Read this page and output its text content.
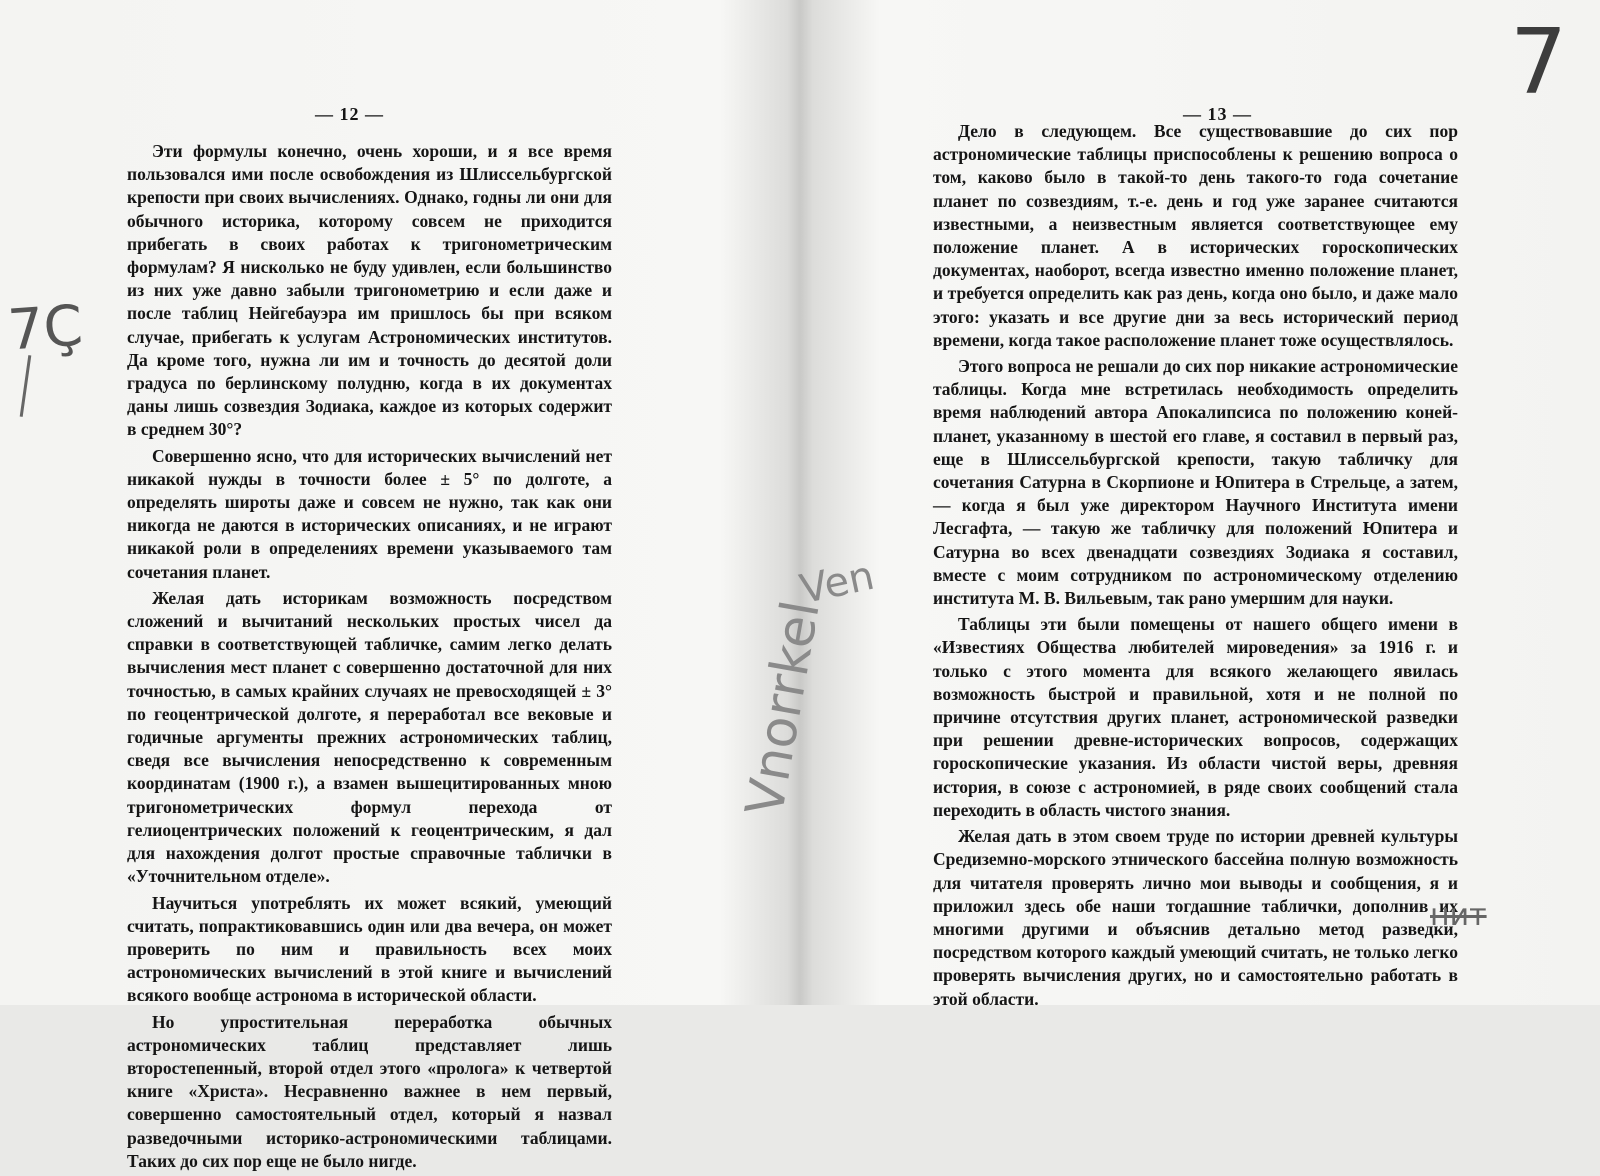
— 12 —

Эти формулы конечно, очень хороши, и я все время пользовался ими после освобождения из Шлиссельбургской крепости при своих вычислениях. Однако, годны ли они для обычного историка, которому совсем не приходится прибегать в своих работах к тригонометрическим формулам? Я нисколько не буду удивлен, если большинство из них уже давно забыли тригонометрию и если даже и после таблиц Нейгебауэра им пришлось бы при всяком случае, прибегать к услугам Астрономических институтов. Да кроме того, нужна ли им и точность до десятой доли градуса по берлинскому полудню, когда в их документах даны лишь созвездия Зодиака, каждое из которых содержит в среднем 30°?

Совершенно ясно, что для исторических вычислений нет никакой нужды в точности более ± 5° по долготе, а определять широты даже и совсем не нужно, так как они никогда не даются в исторических описаниях, и не играют никакой роли в определениях времени указываемого там сочетания планет.

Желая дать историкам возможность посредством сложений и вычитаний нескольких простых чисел да справки в соответствующей табличке, самим легко делать вычисления мест планет с совершенно достаточной для них точностью, в самых крайних случаях не превосходящей ± 3° по геоцентрической долготе, я переработал все вековые и годичные аргументы прежних астрономических таблиц, сведя все вычисления непосредственно к современным координатам (1900 г.), а взамен вышецитированных мною тригонометрических формул перехода от гелиоцентрических положений к геоцентрическим, я дал для нахождения долгот простые справочные таблички в «Уточнительном отделе».

Научиться употреблять их может всякий, умеющий считать, попрактиковавшись один или два вечера, он может проверить по ним и правильность всех моих астрономических вычислений в этой книге и вычислений всякого вообще астронома в исторической области.

Но упростительная переработка обычных астрономических таблиц представляет лишь второстепенный, второй отдел этого «пролога» к четвертой книге «Христа». Несравненно важнее в нем первый, совершенно самостоятельный отдел, который я назвал разведочными историко-астрономическими таблицами. Таких до сих пор еще не было нигде.

— 13 —

Дело в следующем. Все существовавшие до сих пор астрономические таблицы приспособлены к решению вопроса о том, каково было в такой-то день такого-то года сочетание планет по созвездиям, т.-е. день и год уже заранее считаются известными, а неизвестным является соответствующее ему положение планет. А в исторических гороскопических документах, наоборот, всегда известно именно положение планет, и требуется определить как раз день, когда оно было, и даже мало этого: указать и все другие дни за весь исторический период времени, когда такое расположение планет тоже осуществлялось.

Этого вопроса не решали до сих пор никакие астрономические таблицы. Когда мне встретилась необходимость определить время наблюдений автора Апокалипсиса по положению коней-планет, указанному в шестой его главе, я составил в первый раз, еще в Шлиссельбургской крепости, такую табличку для сочетания Сатурна в Скорпионе и Юпитера в Стрельце, а затем, — когда я был уже директором Научного Института имени Лесгафта, — такую же табличку для положений Юпитера и Сатурна во всех двенадцати созвездиях Зодиака я составил, вместе с моим сотрудником по астрономическому отделению института М. В. Вильевым, так рано умершим для науки.

Таблицы эти были помещены от нашего общего имени в «Известиях Общества любителей мироведения» за 1916 г. и только с этого момента для всякого желающего явилась возможность быстрой и правильной, хотя и не полной по причине отсутствия других планет, астрономической разведки при решении древне-исторических вопросов, содержащих гороскопические указания. Из области чистой веры, древняя история, в союзе с астрономией, в ряде своих сообщений стала переходить в область чистого знания.

Желая дать в этом своем труде по истории древней культуры Средиземно-морского этнического бассейна полную возможность для читателя проверять лично мои выводы и сообщения, я и приложил здесь обе наши тогдашние таблички, дополнив их многими другими и объяснив детально метод разведки, посредством которого каждый умеющий считать, не только легко проверять вычисления других, но и самостоятельно работать в этой области.

7Ç
7
Ven
Vnorrkel
нит
